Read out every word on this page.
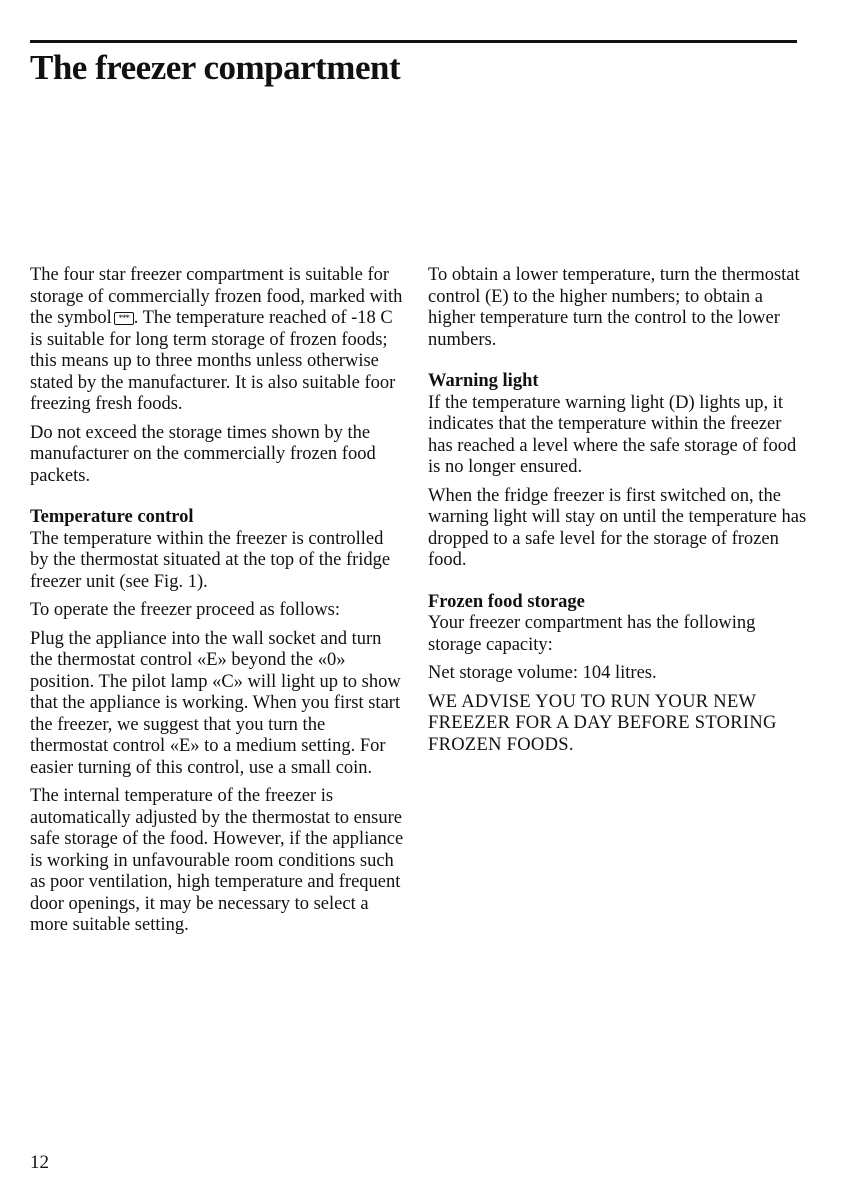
The freezer compartment

The four star freezer compartment is suitable for storage of commercially frozen food, marked with the symbol *** . The temperature reached of -18 C is suitable for long term storage of frozen foods; this means up to three months unless otherwise stated by the manufacturer. It is also suitable foor freezing fresh foods.

Do not exceed the storage times shown by the manufacturer on the commercially frozen food packets.

Temperature control

The temperature within the freezer is controlled by the thermostat situated at the top of the fridge freezer unit (see Fig. 1).

To operate the freezer proceed as follows:

Plug the appliance into the wall socket and turn the thermostat control «E» beyond the «0» position. The pilot lamp «C» will light up to show that the appliance is working. When you first start the freezer, we suggest that you turn the thermostat control «E» to a medium setting. For easier turning of this control, use a small coin.

The internal temperature of the freezer is automatically adjusted by the thermostat to ensure safe storage of the food. However, if the appliance is working in unfavourable room conditions such as poor ventilation, high temperature and frequent door openings, it may be necessary to select a more suitable setting.

To obtain a lower temperature, turn the thermostat control (E) to the higher numbers; to obtain a higher temperature turn the control to the lower numbers.

Warning light

If the temperature warning light (D) lights up, it indicates that the temperature within the freezer has reached a level where the safe storage of food is no longer ensured.

When the fridge freezer is first switched on, the warning light will stay on until the temperature has dropped to a safe level for the storage of frozen food.

Frozen food storage

Your freezer compartment has the following storage capacity:

Net storage volume: 104 litres.

WE ADVISE YOU TO RUN YOUR NEW FREEZER FOR A DAY BEFORE STORING FROZEN FOODS.

12
